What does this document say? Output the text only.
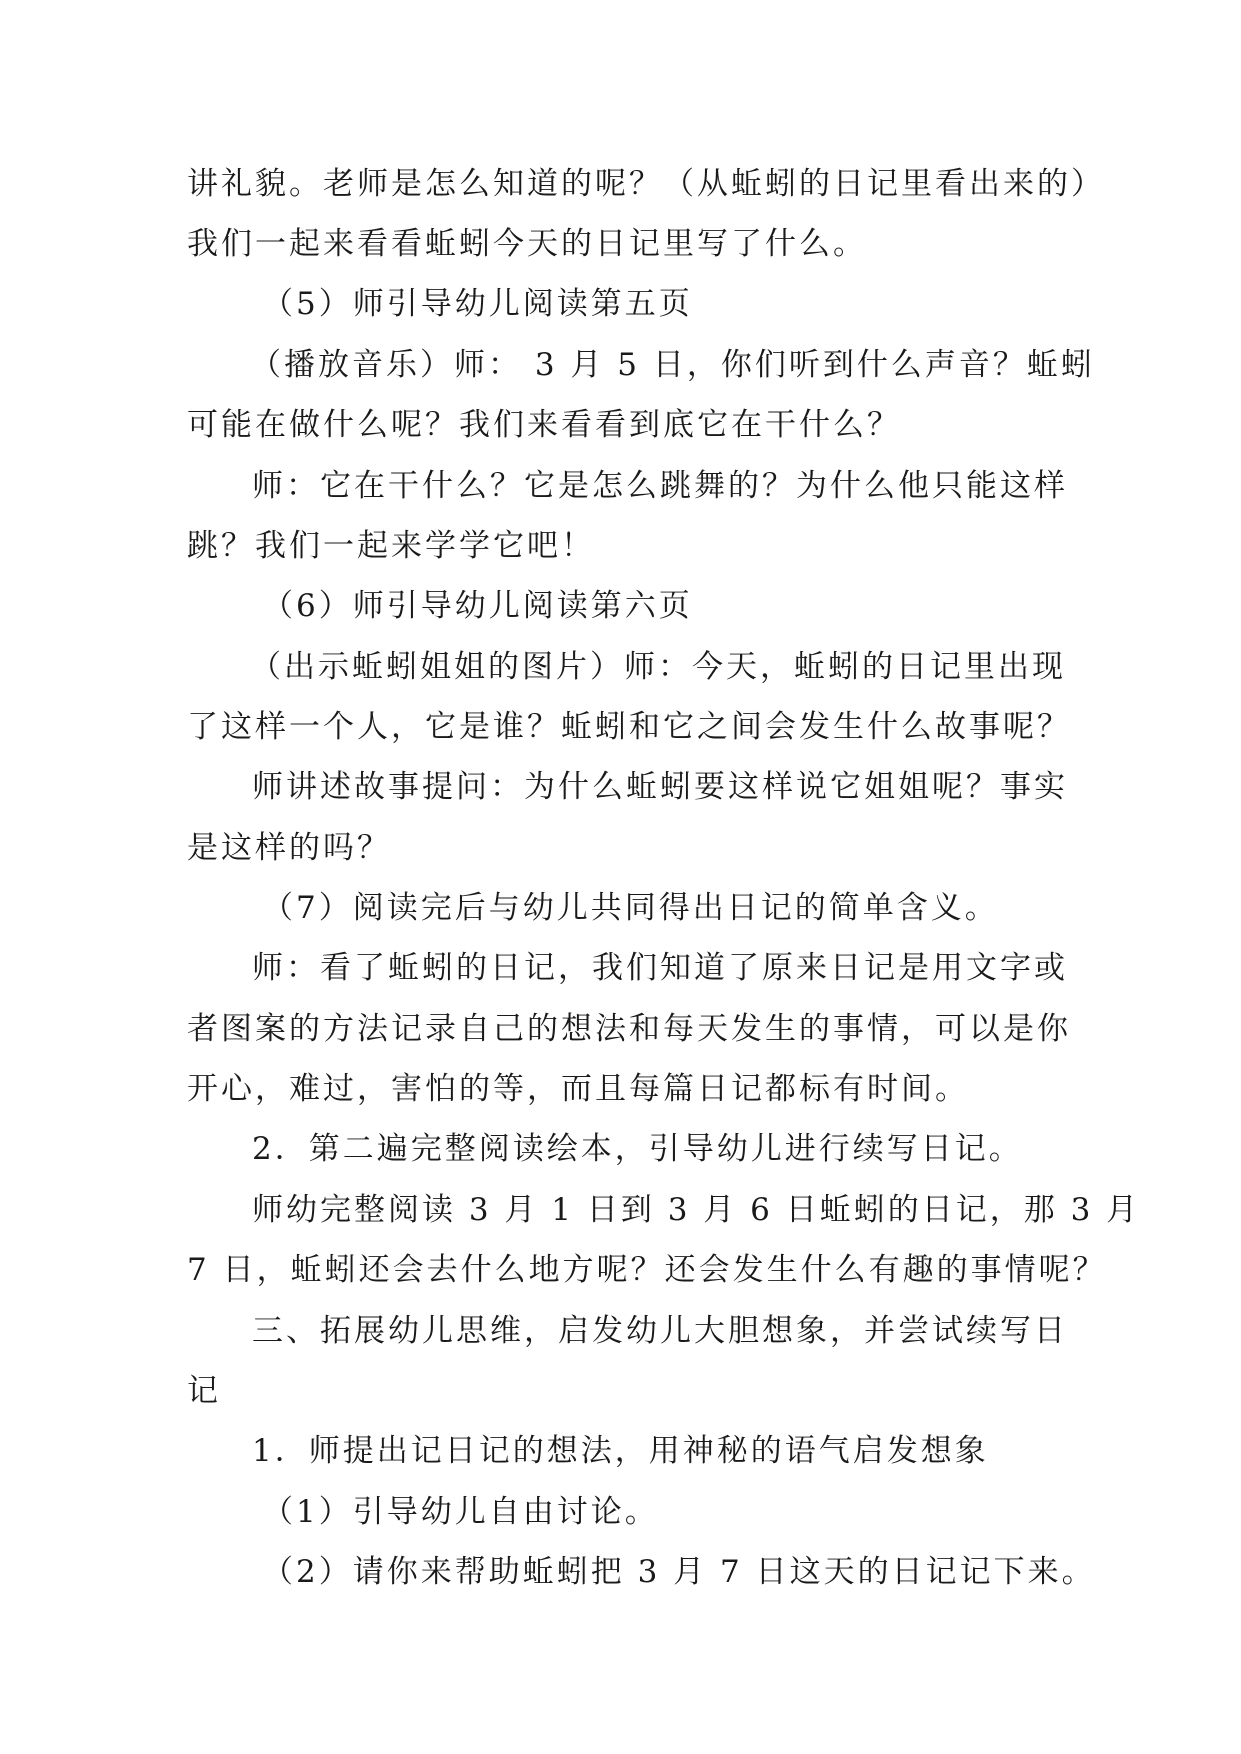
讲礼貌。老师是怎么知道的呢？（从蚯蚓的日记里看出来的）
我们一起来看看蚯蚓今天的日记里写了什么。
（5）师引导幼儿阅读第五页
（播放音乐）师： 3 月 5 日，你们听到什么声音？蚯蚓
可能在做什么呢？我们来看看到底它在干什么？
师：它在干什么？它是怎么跳舞的？为什么他只能这样
跳？我们一起来学学它吧！
（6）师引导幼儿阅读第六页
（出示蚯蚓姐姐的图片）师：今天，蚯蚓的日记里出现
了这样一个人，它是谁？蚯蚓和它之间会发生什么故事呢？
师讲述故事提问：为什么蚯蚓要这样说它姐姐呢？事实
是这样的吗？
（7）阅读完后与幼儿共同得出日记的简单含义。
师：看了蚯蚓的日记，我们知道了原来日记是用文字或
者图案的方法记录自己的想法和每天发生的事情，可以是你
开心，难过，害怕的等，而且每篇日记都标有时间。
2．第二遍完整阅读绘本，引导幼儿进行续写日记。
师幼完整阅读 3 月 1 日到 3 月 6 日蚯蚓的日记，那 3 月
7 日，蚯蚓还会去什么地方呢？还会发生什么有趣的事情呢？
三、拓展幼儿思维，启发幼儿大胆想象，并尝试续写日
记
1．师提出记日记的想法，用神秘的语气启发想象
（1）引导幼儿自由讨论。
（2）请你来帮助蚯蚓把 3 月 7 日这天的日记记下来。
